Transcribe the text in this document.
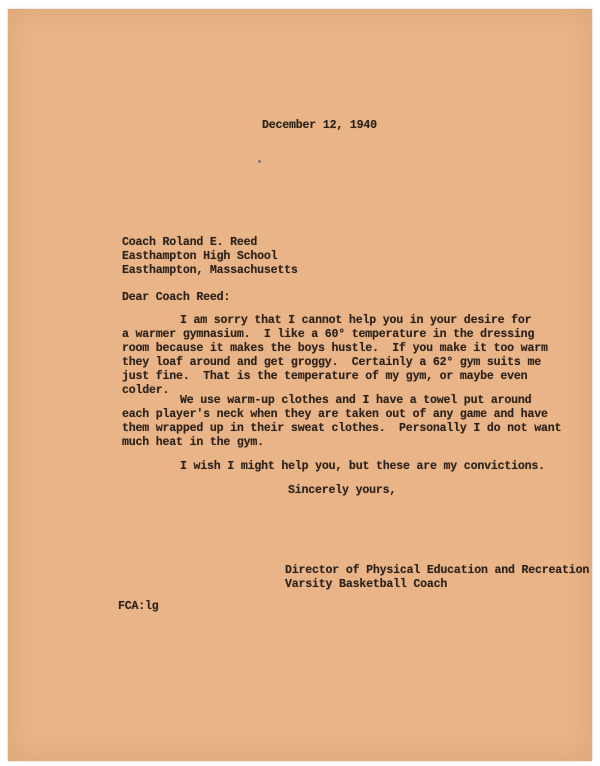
December 12, 1940

Coach Roland E. Reed

Easthampton High School

Easthampton, Massachusetts

Dear Coach Reed:

I am sorry that I cannot help you in your desire for

a warmer gymnasium.  I like a 60° temperature in the dressing

room because it makes the boys hustle.  If you make it too warm

they loaf around and get groggy.  Certainly a 62° gym suits me

just fine.  That is the temperature of my gym, or maybe even

colder.

We use warm-up clothes and I have a towel put around

each player's neck when they are taken out of any game and have

them wrapped up in their sweat clothes.  Personally I do not want

much heat in the gym.

I wish I might help you, but these are my convictions.

Sincerely yours,

Director of Physical Education and Recreation

Varsity Basketball Coach

FCA:lg
